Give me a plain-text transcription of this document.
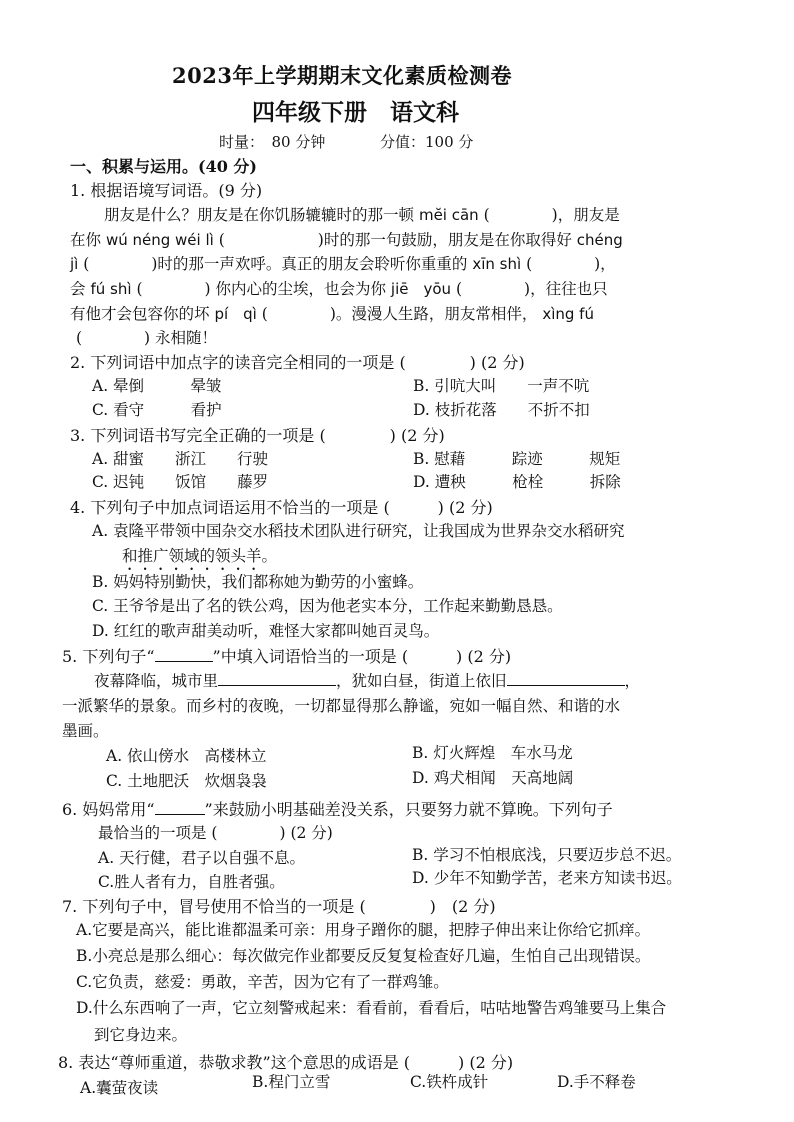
2023年上学期期末文化素质检测卷
四年级下册　语文科
时量：　80 分钟	分值：100 分
一、积累与运用。(40 分)
1. 根据语境写词语。(9 分)
朋友是什么？朋友是在你饥肠辘辘时的那一顿 mĕi cān (　　　　)，朋友是
在你 wú néng wéi lì (　　　　　　)时的那一句鼓励，朋友是在你取得好 chéng
jì (　　　　)时的那一声欢呼。真正的朋友会聆听你重重的 xīn shì (　　　　)，
会 fú shì (　　　　) 你内心的尘埃，也会为你 jiē　yōu (　　　　)，往往也只
有他才会包容你的坏 pí　qì (　　　　)。漫漫人生路，朋友常相伴， xìng fú
(　　　　) 永相随！
2. 下列词语中加点字的读音完全相同的一项是 (　　　　) (2 分)
A. 晕倒　　　晕皱	B. 引吭大叫　　一声不吭
C. 看守　　　看护	D. 枝折花落　　不折不扣
3. 下列词语书写完全正确的一项是 (　　　　) (2 分)
A. 甜蜜　　浙江　　行驶	B. 慰藉　　　踪迹　　　规矩
C. 迟钝　　饭馆　　藤罗	D. 遭秧　　　枪栓　　　拆除
4. 下列句子中加点词语运用不恰当的一项是 (　　　) (2 分)
A. 袁隆平带领中国杂交水稻技术团队进行研究，让我国成为世界杂交水稻研究
和推广领域的领头羊。
B. 妈妈特别勤快，我们都称她为勤劳的小蜜蜂。
C. 王爷爷是出了名的铁公鸡，因为他老实本分，工作起来勤勤恳恳。
D. 红红的歌声甜美动听，难怪大家都叫她百灵鸟。
5. 下列句子“	”中填入词语恰当的一项是 (　　　) (2 分)
夜幕降临，城市里	，犹如白昼，街道上依旧	，
一派繁华的景象。而乡村的夜晚，一切都显得那么静谧，宛如一幅自然、和谐的水
墨画。
A. 依山傍水　高楼林立	B. 灯火辉煌　车水马龙
C. 土地肥沃　炊烟袅袅	D. 鸡犬相闻　天高地阔
6. 妈妈常用“	”来鼓励小明基础差没关系，只要努力就不算晚。下列句子
最恰当的一项是 (　　　　) (2 分)
A. 天行健，君子以自强不息。	B. 学习不怕根底浅，只要迈步总不迟。
C.胜人者有力，自胜者强。	D. 少年不知勤学苦，老来方知读书迟。
7. 下列句子中，冒号使用不恰当的一项是 (　　　　)　(2 分)
A.它要是高兴，能比谁都温柔可亲：用身子蹭你的腿，把脖子伸出来让你给它抓痒。
B.小亮总是那么细心：每次做完作业都要反反复复检查好几遍，生怕自己出现错误。
C.它负责，慈爱：勇敢，辛苦，因为它有了一群鸡雏。
D.什么东西响了一声，它立刻警戒起来：看看前，看看后，咕咕地警告鸡雏要马上集合
到它身边来。
8. 表达“尊师重道，恭敬求教”这个意思的成语是 (　　　) (2 分)
A.囊萤夜读	B.程门立雪	C.铁杵成针	D.手不释卷
